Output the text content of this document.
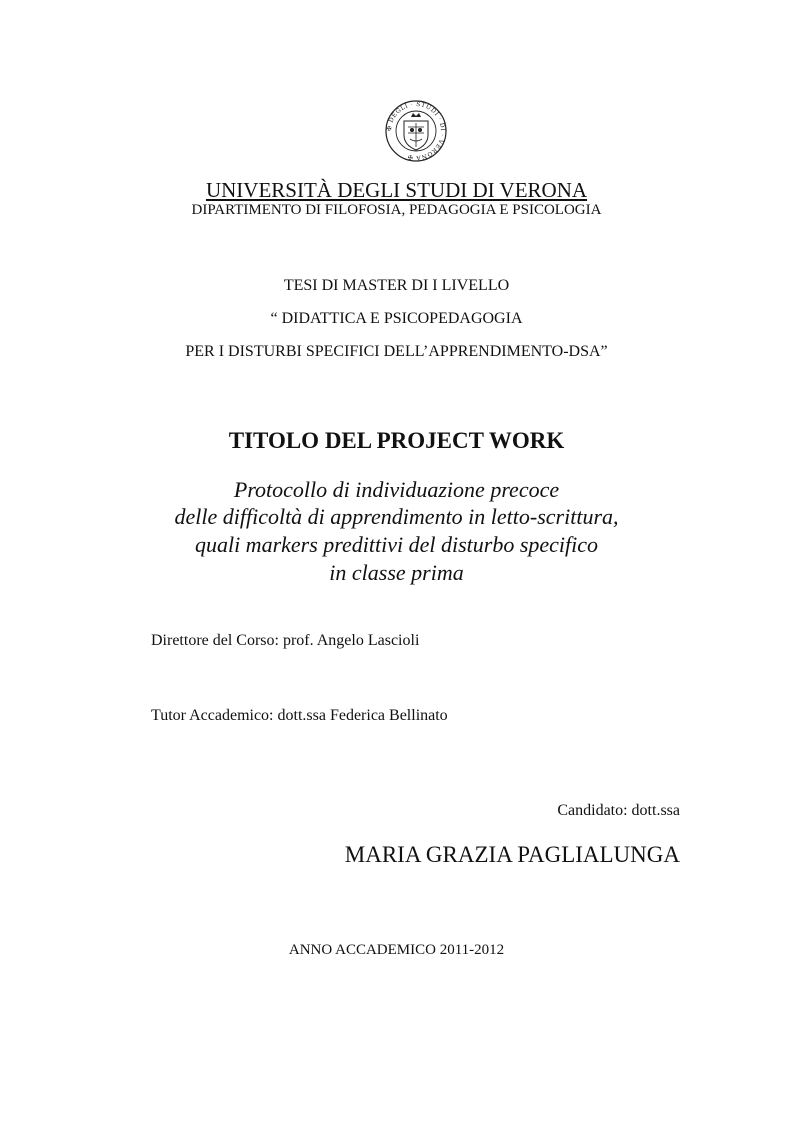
✠ DEGLI · STUDI · DI · VERONA ✠

UNIVERSITÀ DEGLI STUDI DI VERONA

DIPARTIMENTO DI FILOFOSIA, PEDAGOGIA E PSICOLOGIA

TESI DI MASTER DI I LIVELLO

“ DIDATTICA E PSICOPEDAGOGIA

PER I DISTURBI SPECIFICI DELL’APPRENDIMENTO-DSA”

TITOLO DEL PROJECT WORK

Protocollo di individuazione precoce

delle difficoltà di apprendimento in letto-scrittura,

quali markers predittivi del disturbo specifico

in classe prima

Direttore del Corso: prof. Angelo Lascioli

Tutor Accademico: dott.ssa Federica Bellinato

Candidato: dott.ssa

MARIA GRAZIA PAGLIALUNGA

ANNO ACCADEMICO 2011-2012
